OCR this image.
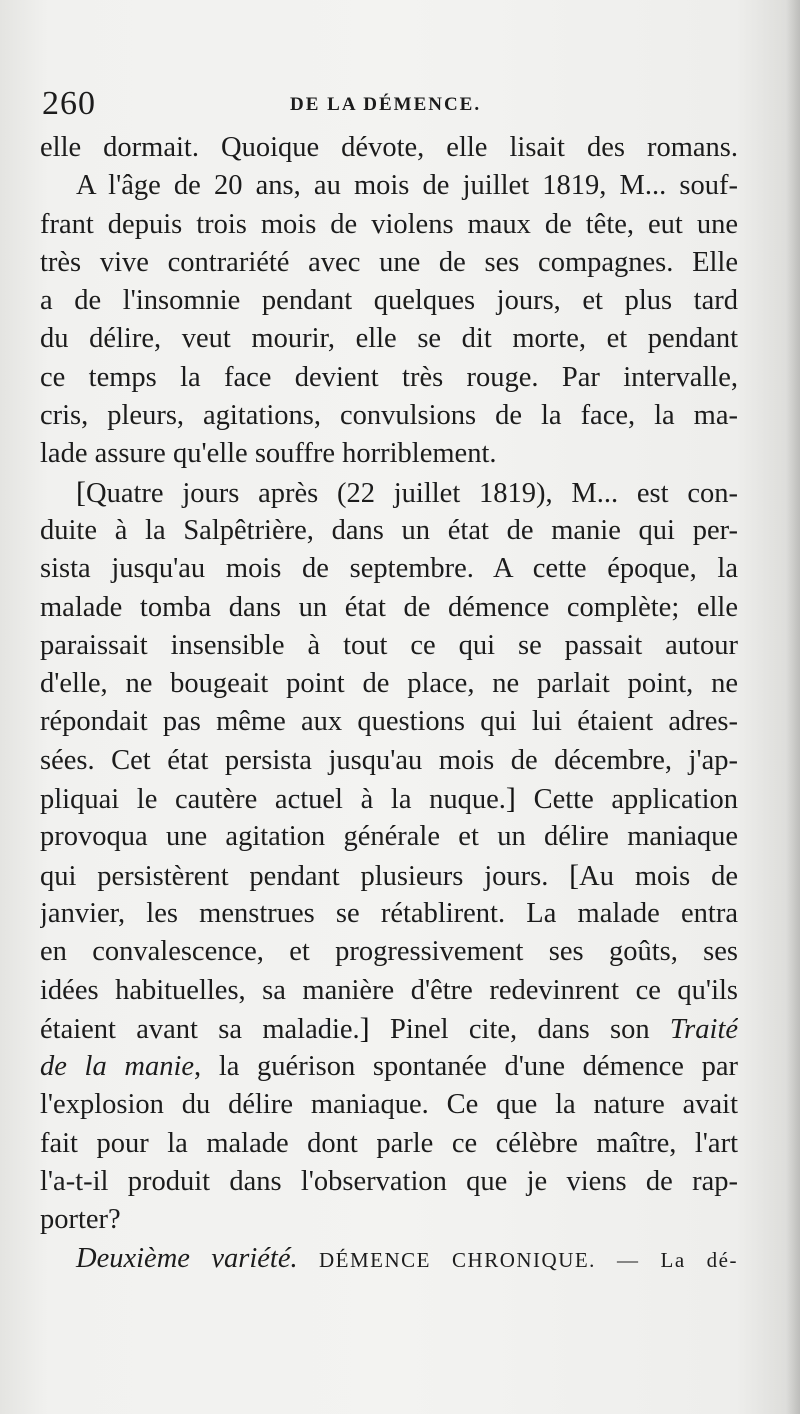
260	DE LA DÉMENCE.
elle dormait. Quoique dévote, elle lisait des romans.
A l'âge de 20 ans, au mois de juillet 1819, M... souf-
frant depuis trois mois de violens maux de tête, eut une
très vive contrariété avec une de ses compagnes. Elle
a de l'insomnie pendant quelques jours, et plus tard
du délire, veut mourir, elle se dit morte, et pendant
ce temps la face devient très rouge. Par intervalle,
cris, pleurs, agitations, convulsions de la face, la ma-
lade assure qu'elle souffre horriblement.
[Quatre jours après (22 juillet 1819), M... est con-
duite à la Salpêtrière, dans un état de manie qui per-
sista jusqu'au mois de septembre. A cette époque, la
malade tomba dans un état de démence complète; elle
paraissait insensible à tout ce qui se passait autour
d'elle, ne bougeait point de place, ne parlait point, ne
répondait pas même aux questions qui lui étaient adres-
sées. Cet état persista jusqu'au mois de décembre, j'ap-
pliquai le cautère actuel à la nuque.] Cette application
provoqua une agitation générale et un délire maniaque
qui persistèrent pendant plusieurs jours. [Au mois de
janvier, les menstrues se rétablirent. La malade entra
en convalescence, et progressivement ses goûts, ses
idées habituelles, sa manière d'être redevinrent ce qu'ils
étaient avant sa maladie.] Pinel cite, dans son Traité
de la manie, la guérison spontanée d'une démence par
l'explosion du délire maniaque. Ce que la nature avait
fait pour la malade dont parle ce célèbre maître, l'art
l'a-t-il produit dans l'observation que je viens de rap-
porter?
Deuxième variété. DÉMENCE CHRONIQUE. — La dé-
